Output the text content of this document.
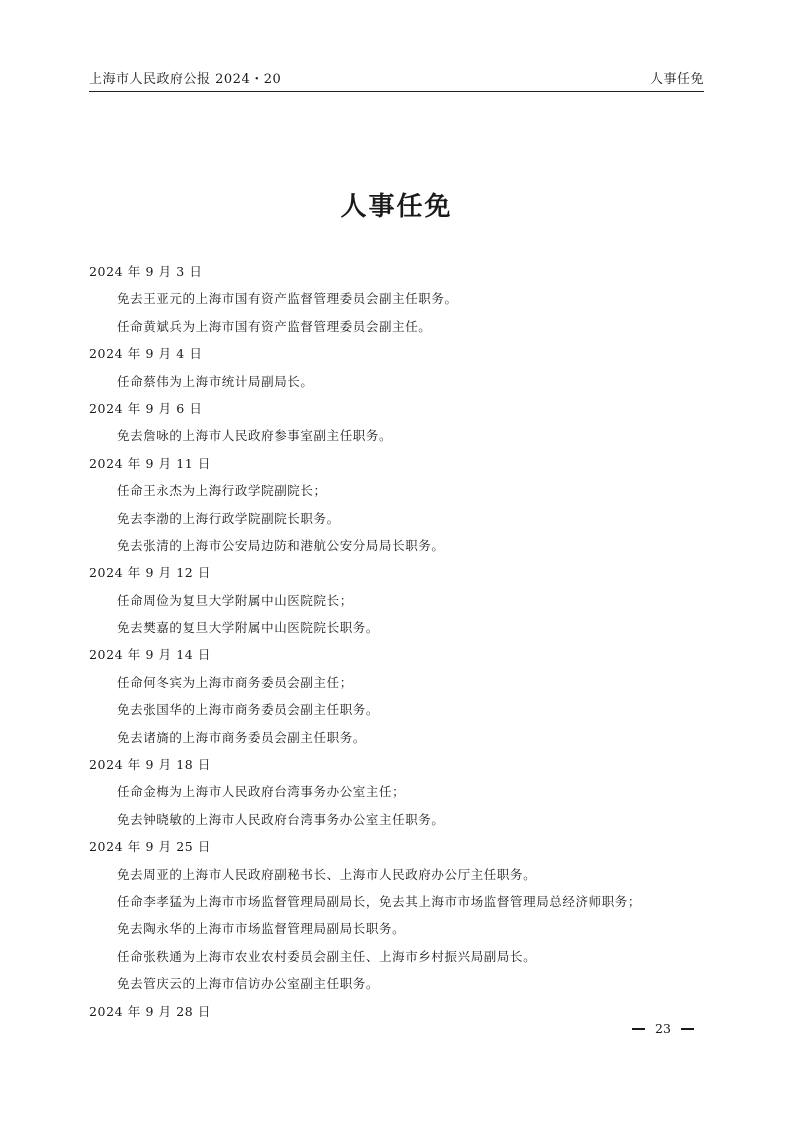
上海市人民政府公报 2024・20	人事任免
人事任免
2024 年 9 月 3 日
免去王亚元的上海市国有资产监督管理委员会副主任职务。
任命黄斌兵为上海市国有资产监督管理委员会副主任。
2024 年 9 月 4 日
任命蔡伟为上海市统计局副局长。
2024 年 9 月 6 日
免去詹咏的上海市人民政府参事室副主任职务。
2024 年 9 月 11 日
任命王永杰为上海行政学院副院长；
免去李渤的上海行政学院副院长职务。
免去张清的上海市公安局边防和港航公安分局局长职务。
2024 年 9 月 12 日
任命周俭为复旦大学附属中山医院院长；
免去樊嘉的复旦大学附属中山医院院长职务。
2024 年 9 月 14 日
任命何冬宾为上海市商务委员会副主任；
免去张国华的上海市商务委员会副主任职务。
免去诸旖的上海市商务委员会副主任职务。
2024 年 9 月 18 日
任命金梅为上海市人民政府台湾事务办公室主任；
免去钟晓敏的上海市人民政府台湾事务办公室主任职务。
2024 年 9 月 25 日
免去周亚的上海市人民政府副秘书长、上海市人民政府办公厅主任职务。
任命李孝猛为上海市市场监督管理局副局长，免去其上海市市场监督管理局总经济师职务；
免去陶永华的上海市市场监督管理局副局长职务。
任命张秩通为上海市农业农村委员会副主任、上海市乡村振兴局副局长。
免去管庆云的上海市信访办公室副主任职务。
2024 年 9 月 28 日
23
